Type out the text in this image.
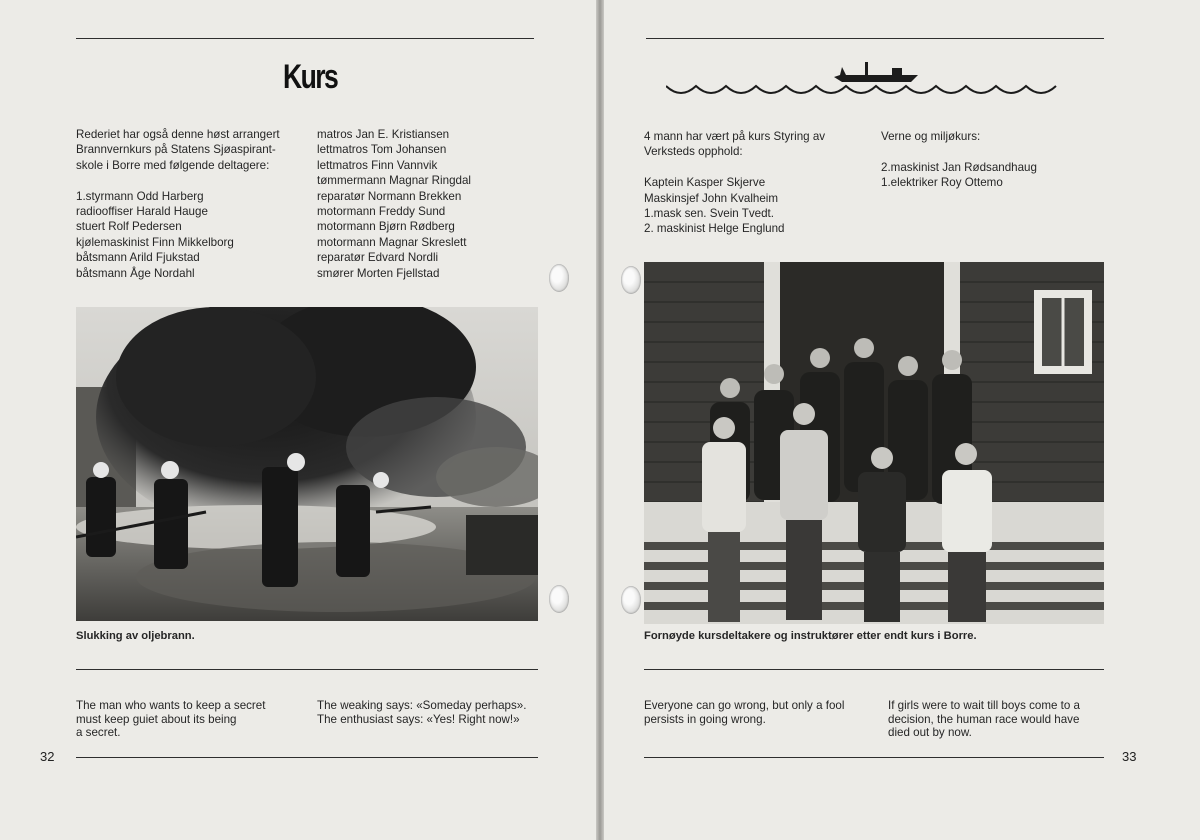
Kurs

Rederiet har også denne høst arrangert

Brannvernkurs på Statens Sjøaspirant-

skole i Borre med følgende deltagere:

1.styrmann Odd Harberg

radiooffiser Harald Hauge

stuert Rolf Pedersen

kjølemaskinist Finn Mikkelborg

båtsmann Arild Fjukstad

båtsmann Åge Nordahl

matros Jan E. Kristiansen

lettmatros Tom Johansen

lettmatros Finn Vannvik

tømmermann Magnar Ringdal

reparatør Normann Brekken

motormann Freddy Sund

motormann Bjørn Rødberg

motormann Magnar Skreslett

reparatør Edvard Nordli

smører Morten Fjellstad

Slukking av oljebrann.

The man who wants to keep a secret
must keep guiet about its being
a secret.
The weaking says: «Someday perhaps».
The enthusiast says: «Yes! Right now!»

32

4 mann har vært på kurs Styring av

Verksteds opphold:

Kaptein Kasper Skjerve

Maskinsjef John Kvalheim

1.mask sen. Svein Tvedt.

2. maskinist Helge Englund

Verne og miljøkurs:

2.maskinist Jan Rødsandhaug

1.elektriker Roy Ottemo

Fornøyde kursdeltakere og instruktører etter endt kurs i Borre.

Everyone can go wrong, but only a fool
persists in going wrong.
If girls were to wait till boys come to a
decision, the human race would have
died out by now.

33
